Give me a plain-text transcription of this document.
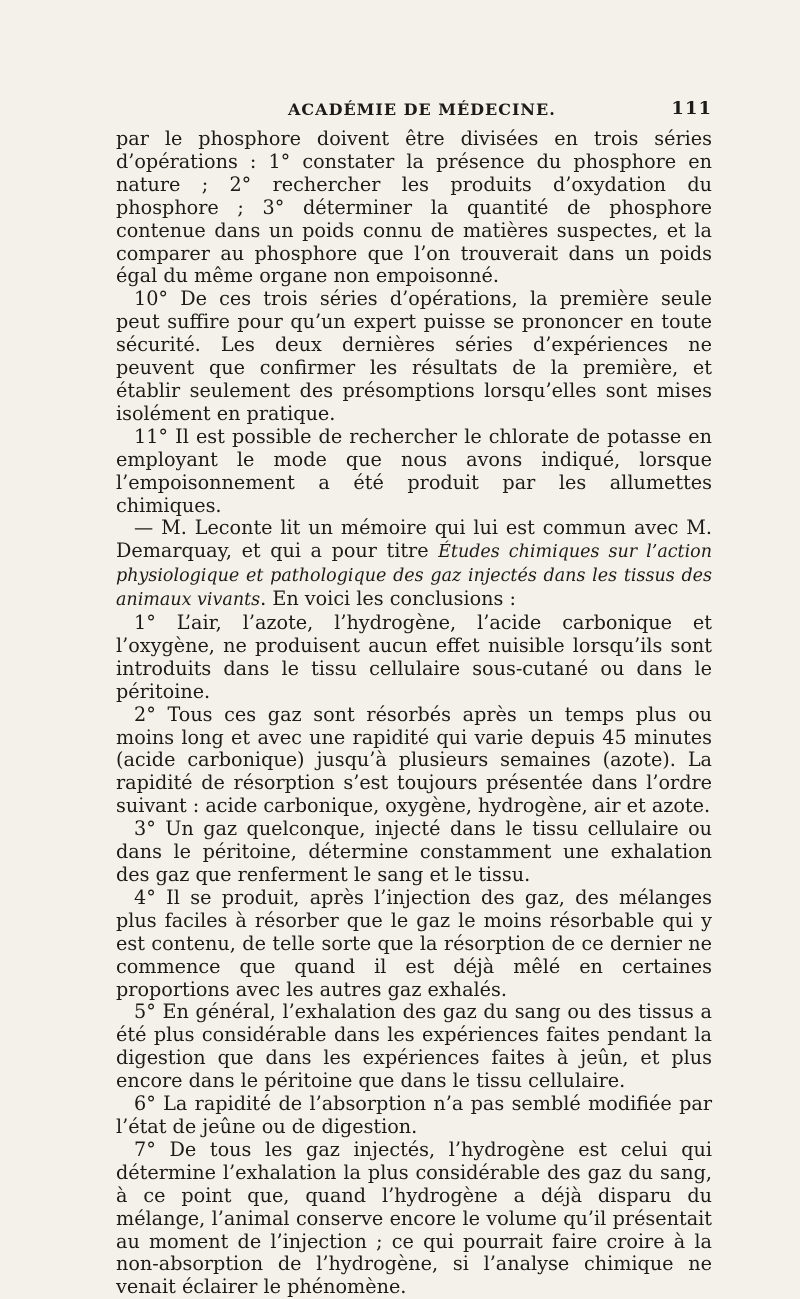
ACADÉMIE DE MÉDECINE.	111

par le phosphore doivent être divisées en trois séries d’opérations : 1° constater la présence du phosphore en nature ; 2° rechercher les produits d’oxydation du phosphore ; 3° déterminer la quantité de phosphore contenue dans un poids connu de matières suspectes, et la comparer au phosphore que l’on trouverait dans un poids égal du même organe non empoisonné.

10° De ces trois séries d’opérations, la première seule peut suffire pour qu’un expert puisse se prononcer en toute sécurité. Les deux dernières séries d’expériences ne peuvent que confirmer les résultats de la première, et établir seulement des présomptions lorsqu’elles sont mises isolément en pratique.

11° Il est possible de rechercher le chlorate de potasse en employant le mode que nous avons indiqué, lorsque l’empoisonnement a été produit par les allumettes chimiques.

— M. Leconte lit un mémoire qui lui est commun avec M. Demarquay, et qui a pour titre Études chimiques sur l’action physiologique et pathologique des gaz injectés dans les tissus des animaux vivants. En voici les conclusions :

1° L’air, l’azote, l’hydrogène, l’acide carbonique et l’oxygène, ne produisent aucun effet nuisible lorsqu’ils sont introduits dans le tissu cellulaire sous-cutané ou dans le péritoine.

2° Tous ces gaz sont résorbés après un temps plus ou moins long et avec une rapidité qui varie depuis 45 minutes (acide carbonique) jusqu’à plusieurs semaines (azote). La rapidité de résorption s’est toujours présentée dans l’ordre suivant : acide carbonique, oxygène, hydrogène, air et azote.

3° Un gaz quelconque, injecté dans le tissu cellulaire ou dans le péritoine, détermine constamment une exhalation des gaz que renferment le sang et le tissu.

4° Il se produit, après l’injection des gaz, des mélanges plus faciles à résorber que le gaz le moins résorbable qui y est contenu, de telle sorte que la résorption de ce dernier ne commence que quand il est déjà mêlé en certaines proportions avec les autres gaz exhalés.

5° En général, l’exhalation des gaz du sang ou des tissus a été plus considérable dans les expériences faites pendant la digestion que dans les expériences faites à jeûn, et plus encore dans le péritoine que dans le tissu cellulaire.

6° La rapidité de l’absorption n’a pas semblé modifiée par l’état de jeûne ou de digestion.

7° De tous les gaz injectés, l’hydrogène est celui qui détermine l’exhalation la plus considérable des gaz du sang, à ce point que, quand l’hydrogène a déjà disparu du mélange, l’animal conserve encore le volume qu’il présentait au moment de l’injection ; ce qui pourrait faire croire à la non-absorption de l’hydrogène, si l’analyse chimique ne venait éclairer le phénomène.
